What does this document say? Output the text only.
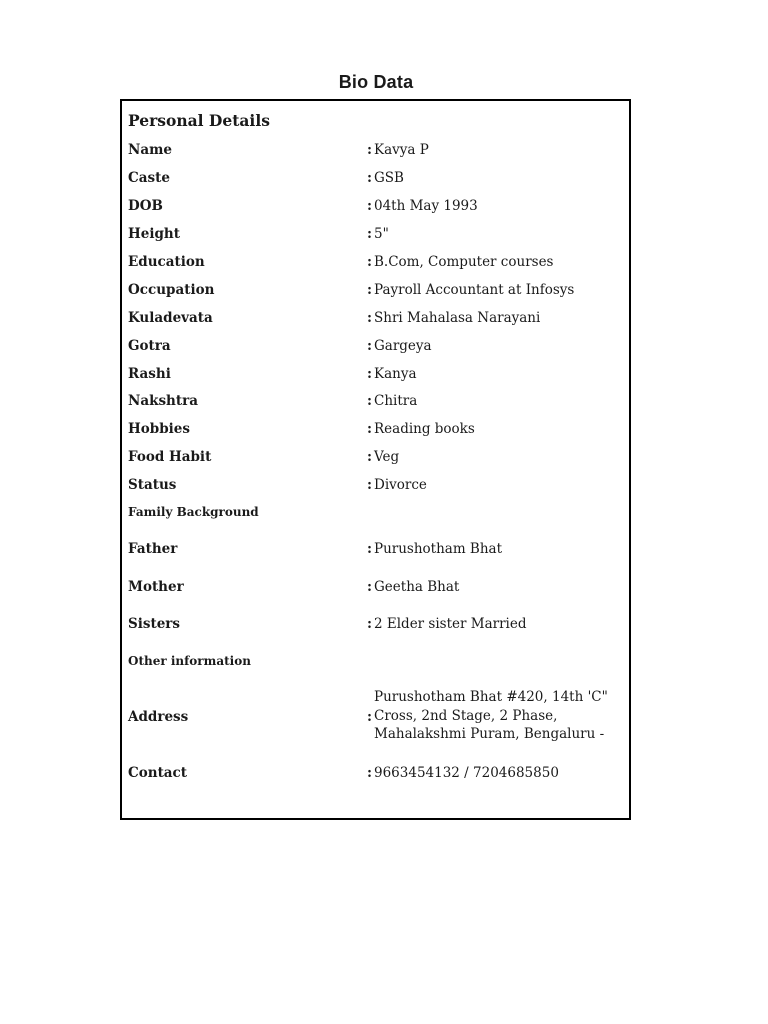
Bio Data
Personal Details
Name	: Kavya P
Caste	: GSB
DOB	: 04th May 1993
Height	: 5"
Education	: B.Com, Computer courses
Occupation	: Payroll Accountant at Infosys
Kuladevata	: Shri Mahalasa Narayani
Gotra	: Gargeya
Rashi	: Kanya
Nakshtra	: Chitra
Hobbies	: Reading books
Food Habit	: Veg
Status	: Divorce
Family Background
Father	: Purushotham Bhat
Mother	: Geetha Bhat
Sisters	: 2 Elder sister Married
Other information
Address	:
Purushotham Bhat #420, 14th 'C"
Cross, 2nd Stage, 2 Phase,
Mahalakshmi Puram, Bengaluru -
Contact	: 9663454132 / 7204685850
